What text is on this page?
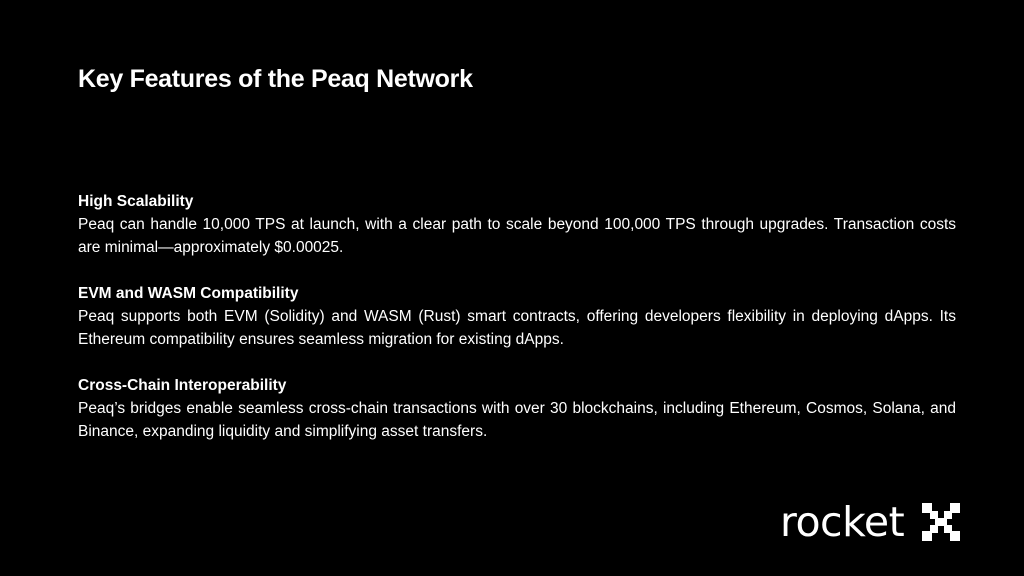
Key Features of the Peaq Network

High Scalability
Peaq can handle 10,000 TPS at launch, with a clear path to scale beyond 100,000 TPS through upgrades. Transaction costs are minimal—approximately $0.00025.

EVM and WASM Compatibility
Peaq supports both EVM (Solidity) and WASM (Rust) smart contracts, offering developers flexibility in deploying dApps. Its Ethereum compatibility ensures seamless migration for existing dApps.

Cross-Chain Interoperability
Peaq’s bridges enable seamless cross-chain transactions with over 30 blockchains, including Ethereum, Cosmos, Solana, and Binance, expanding liquidity and simplifying asset transfers.

rocket
